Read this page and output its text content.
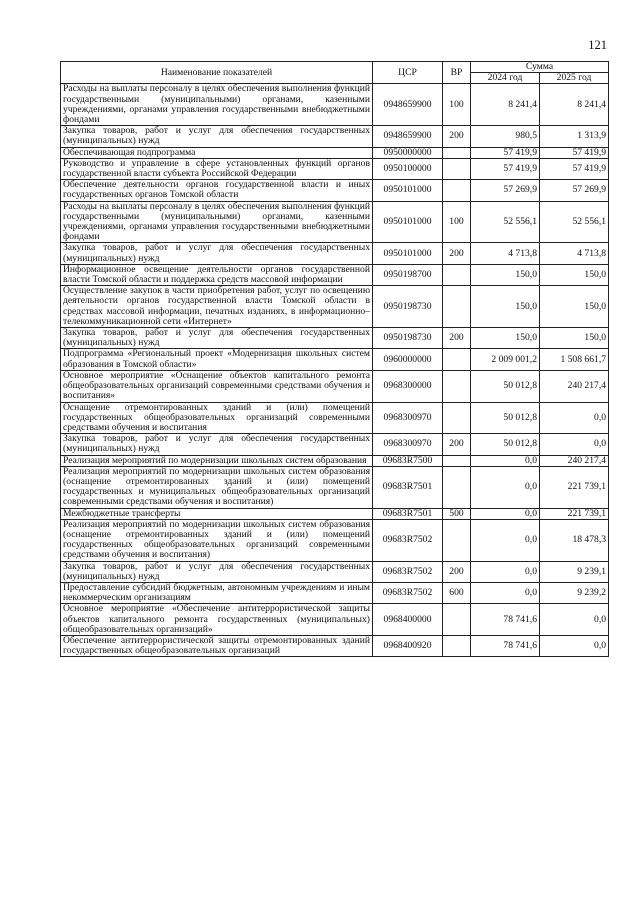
121
Наименование показателей	ЦСР	ВР	Сумма	
			2024 год	2025 год
Расходы на выплаты персоналу в целях обеспечения выполнения функций государственными (муниципальными) органами, казенными учреждениями, органами управления государственными внебюджетными фондами	0948659900	100	8 241,4	8 241,4
Закупка товаров, работ и услуг для обеспечения государственных (муниципальных) нужд	0948659900	200	980,5	1 313,9
Обеспечивающая подпрограмма	0950000000		57 419,9	57 419,9
Руководство и управление в сфере установленных функций органов государственной власти субъекта Российской Федерации	0950100000		57 419,9	57 419,9
Обеспечение деятельности органов государственной власти и иных государственных органов Томской области	0950101000		57 269,9	57 269,9
Расходы на выплаты персоналу в целях обеспечения выполнения функций государственными (муниципальными) органами, казенными учреждениями, органами управления государственными внебюджетными фондами	0950101000	100	52 556,1	52 556,1
Закупка товаров, работ и услуг для обеспечения государственных (муниципальных) нужд	0950101000	200	4 713,8	4 713,8
Информационное освещение деятельности органов государственной власти Томской области и поддержка средств массовой информации	0950198700		150,0	150,0
Осуществление закупок в части приобретения работ, услуг по освещению деятельности органов государственной власти Томской области в средствах массовой информации, печатных изданиях, в информационно–телекоммуникационной сети «Интернет»	0950198730		150,0	150,0
Закупка товаров, работ и услуг для обеспечения государственных (муниципальных) нужд	0950198730	200	150,0	150,0
Подпрограмма «Региональный проект «Модернизация школьных систем образования в Томской области»	0960000000		2 009 001,2	1 508 661,7
Основное мероприятие «Оснащение объектов капитального ремонта общеобразовательных организаций современными средствами обучения и воспитания»	0968300000		50 012,8	240 217,4
Оснащение отремонтированных зданий и (или) помещений государственных общеобразовательных организаций современными средствами обучения и воспитания	0968300970		50 012,8	0,0
Закупка товаров, работ и услуг для обеспечения государственных (муниципальных) нужд	0968300970	200	50 012,8	0,0
Реализация мероприятий по модернизации школьных систем образования	09683R7500		0,0	240 217,4
Реализация мероприятий по модернизации школьных систем образования (оснащение отремонтированных зданий и (или) помещений государственных и муниципальных общеобразовательных организаций современными средствами обучения и воспитания)	09683R7501		0,0	221 739,1
Межбюджетные трансферты	09683R7501	500	0,0	221 739,1
Реализация мероприятий по модернизации школьных систем образования (оснащение отремонтированных зданий и (или) помещений государственных общеобразовательных организаций современными средствами обучения и воспитания)	09683R7502		0,0	18 478,3
Закупка товаров, работ и услуг для обеспечения государственных (муниципальных) нужд	09683R7502	200	0,0	9 239,1
Предоставление субсидий бюджетным, автономным учреждениям и иным некоммерческим организациям	09683R7502	600	0,0	9 239,2
Основное мероприятие «Обеспечение антитеррористической защиты объектов капитального ремонта государственных (муниципальных) общеобразовательных организаций»	0968400000		78 741,6	0,0
Обеспечение антитеррористической защиты отремонтированных зданий государственных общеобразовательных организаций	0968400920		78 741,6	0,0
